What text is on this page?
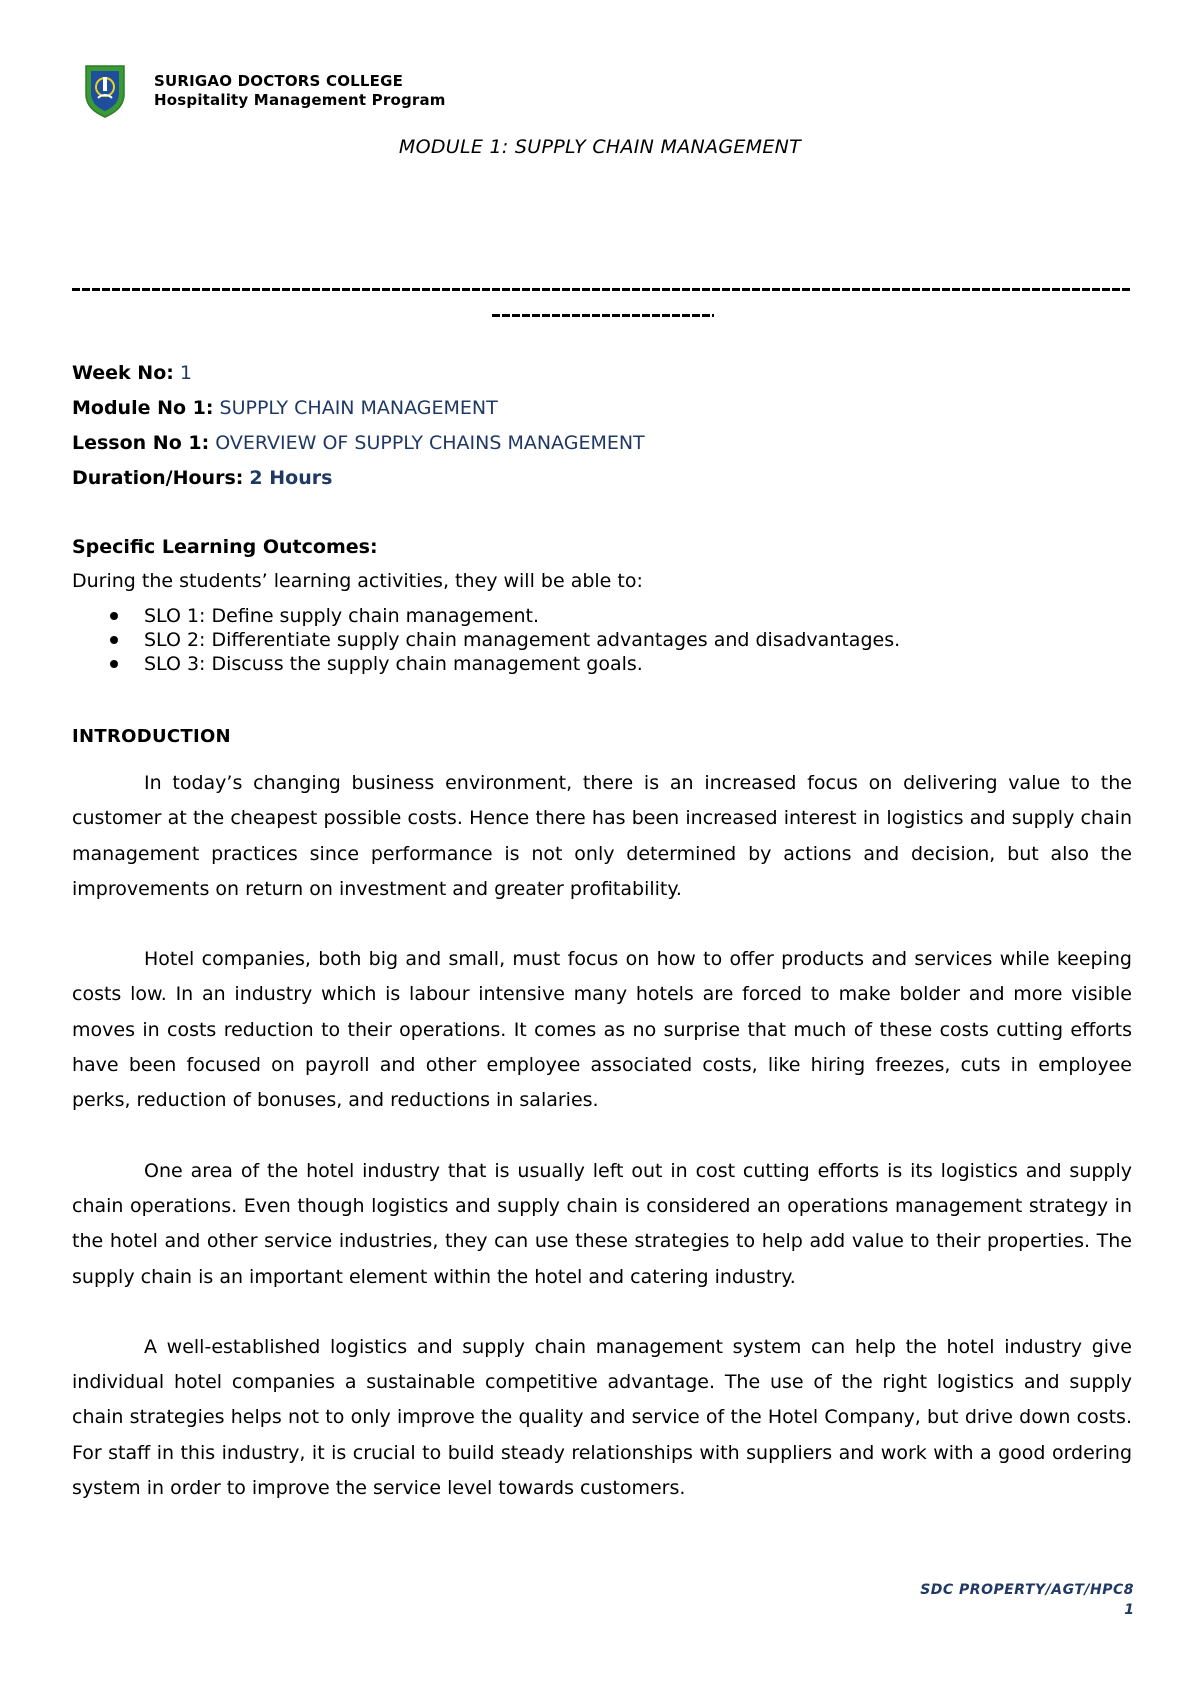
SURIGAO DOCTORS COLLEGE
Hospitality Management Program
MODULE 1: SUPPLY CHAIN MANAGEMENT
Week No: 1
Module No 1: SUPPLY CHAIN MANAGEMENT
Lesson No 1: OVERVIEW OF SUPPLY CHAINS MANAGEMENT
Duration/Hours: 2 Hours
Specific Learning Outcomes:
During the students’ learning activities, they will be able to:
SLO 1: Define supply chain management.
SLO 2: Differentiate supply chain management advantages and disadvantages.
SLO 3: Discuss the supply chain management goals.
INTRODUCTION

In today’s changing business environment, there is an increased focus on delivering value to the customer at the cheapest possible costs. Hence there has been increased interest in logistics and supply chain management practices since performance is not only determined by actions and decision, but also the improvements on return on investment and greater profitability.

Hotel companies, both big and small, must focus on how to offer products and services while keeping costs low. In an industry which is labour intensive many hotels are forced to make bolder and more visible moves in costs reduction to their operations. It comes as no surprise that much of these costs cutting efforts have been focused on payroll and other employee associated costs, like hiring freezes, cuts in employee perks, reduction of bonuses, and reductions in salaries.

One area of the hotel industry that is usually left out in cost cutting efforts is its logistics and supply chain operations. Even though logistics and supply chain is considered an operations management strategy in the hotel and other service industries, they can use these strategies to help add value to their properties. The supply chain is an important element within the hotel and catering industry.

A well-established logistics and supply chain management system can help the hotel industry give individual hotel companies a sustainable competitive advantage. The use of the right logistics and supply chain strategies helps not to only improve the quality and service of the Hotel Company, but drive down costs. For staff in this industry, it is crucial to build steady relationships with suppliers and work with a good ordering system in order to improve the service level towards customers.

SDC PROPERTY/AGT/HPC8
1
